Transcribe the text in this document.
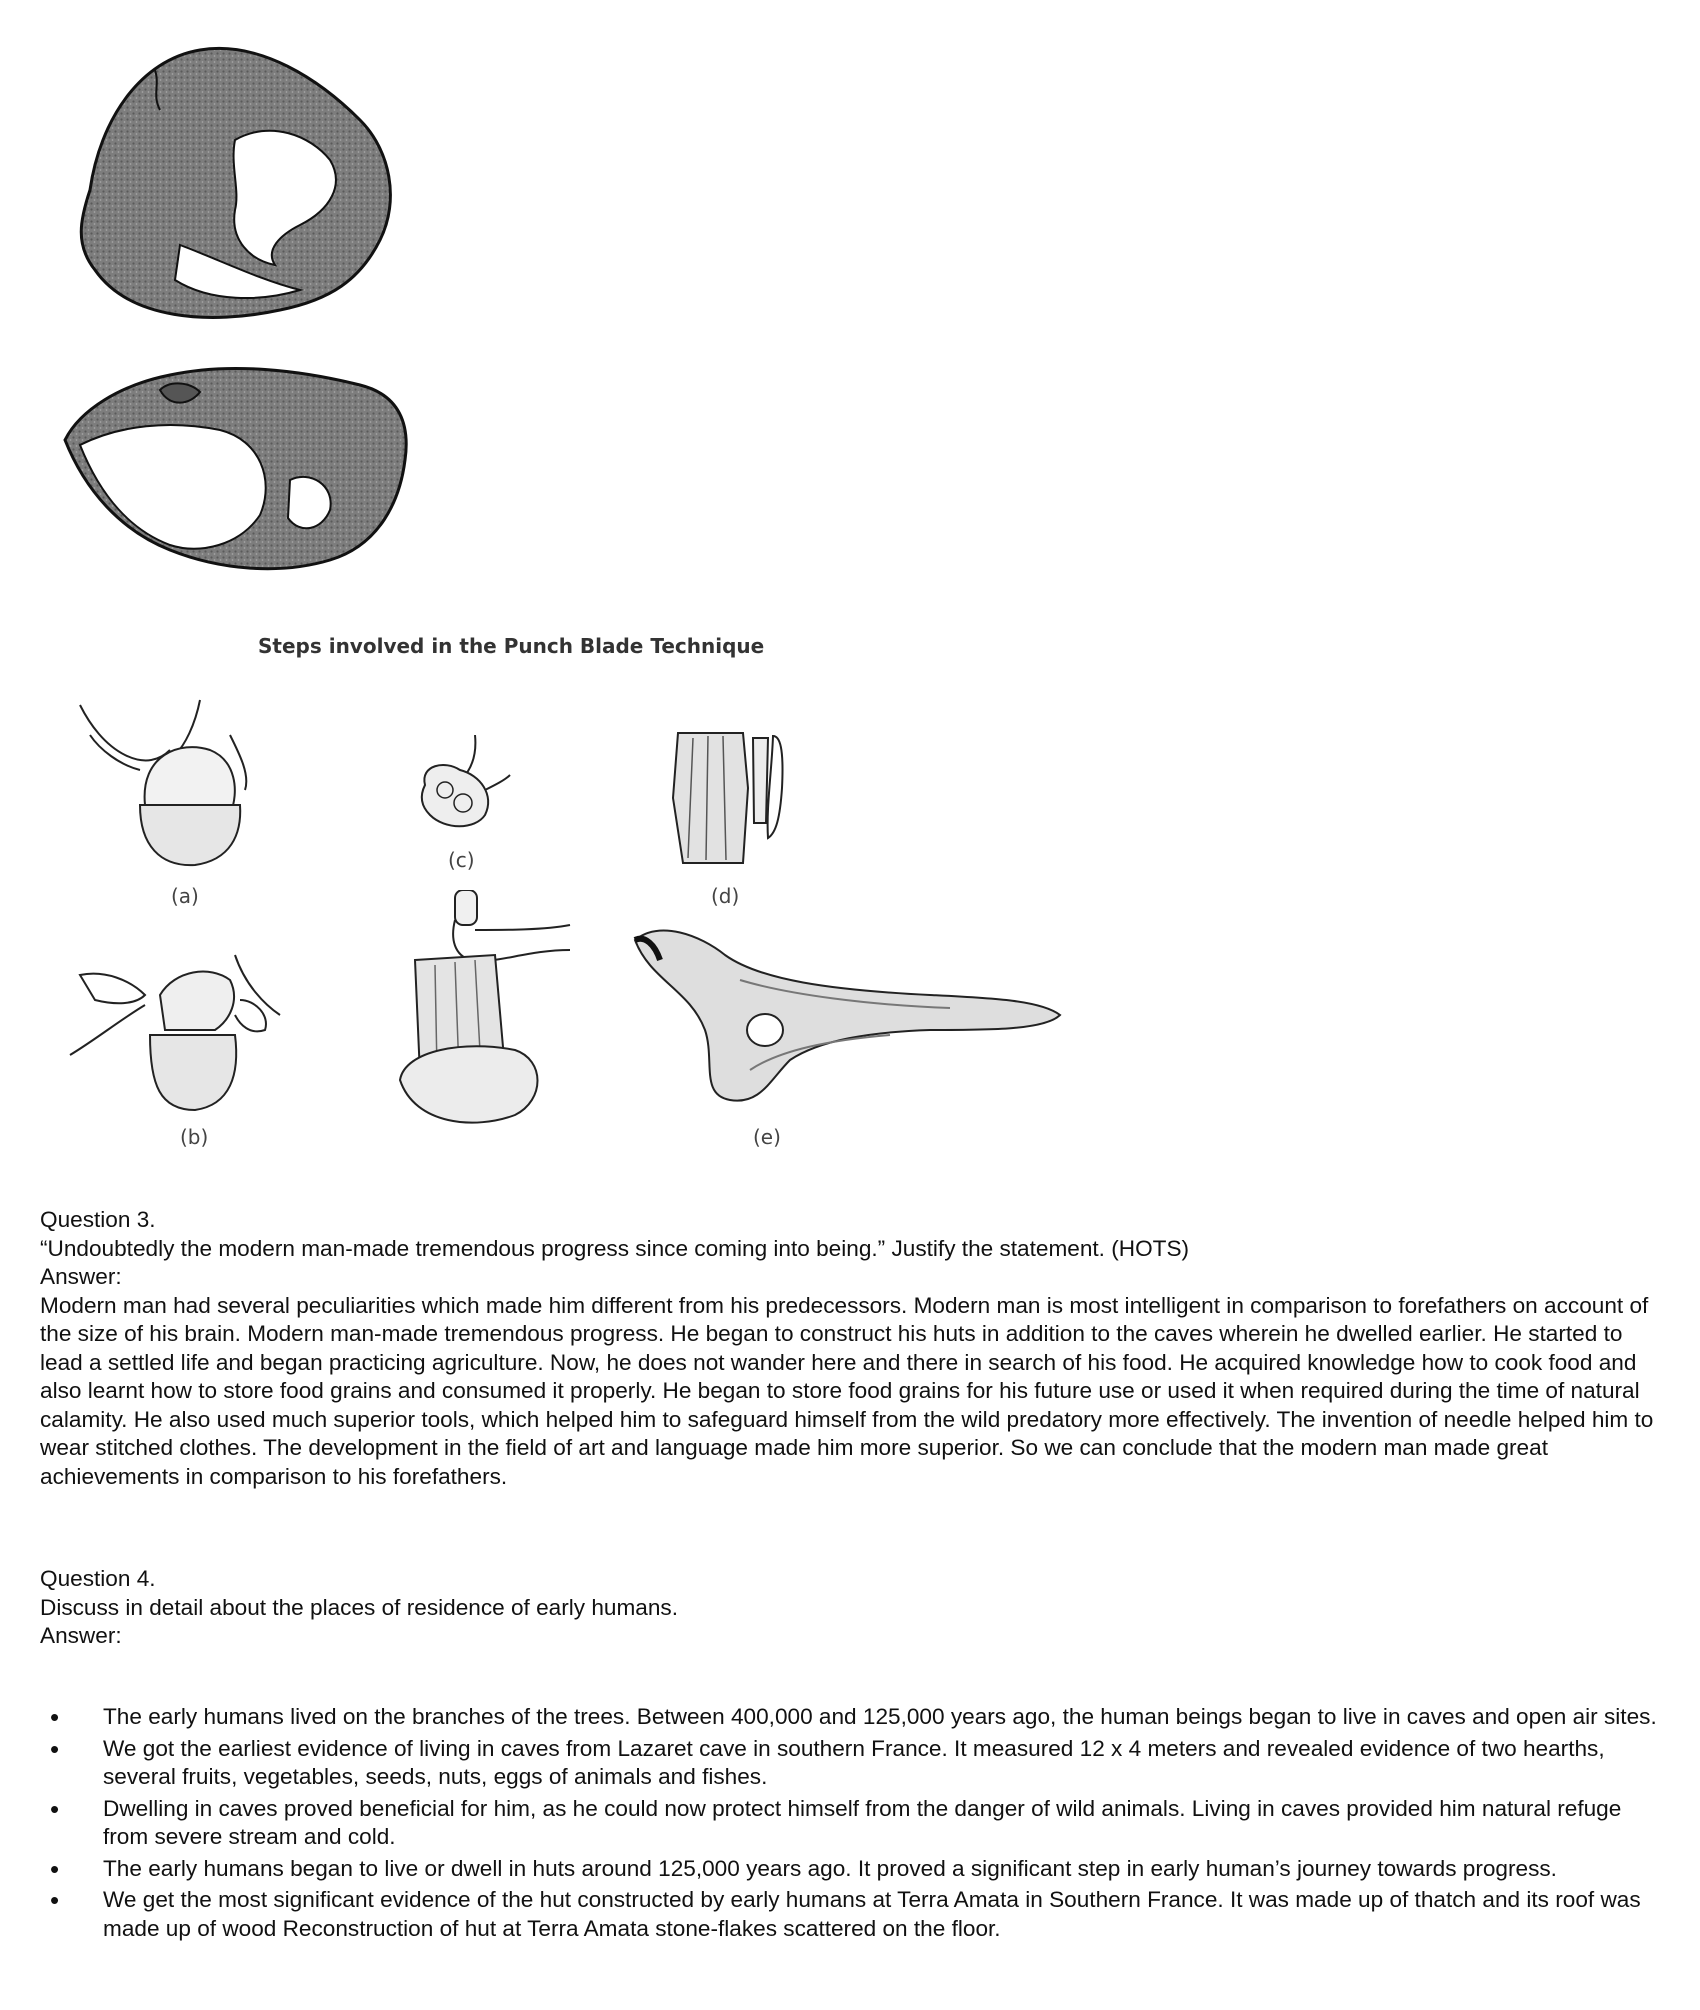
Steps involved in the Punch Blade Technique
(a)
(b)
(c)
(d)
(e)

Question 3.

“Undoubtedly the modern man-made tremendous progress since coming into being.” Justify the statement. (HOTS)

Answer:

Modern man had several peculiarities which made him different from his predecessors. Modern man is most intelligent in comparison to forefathers on account of the size of his brain. Modern man-made tremendous progress. He began to construct his huts in addition to the caves wherein he dwelled earlier. He started to lead a settled life and began practicing agriculture. Now, he does not wander here and there in search of his food. He acquired knowledge how to cook food and also learnt how to store food grains and consumed it properly. He began to store food grains for his future use or used it when required during the time of natural calamity. He also used much superior tools, which helped him to safeguard himself from the wild predatory more effectively. The invention of needle helped him to wear stitched clothes. The development in the field of art and language made him more superior. So we can conclude that the modern man made great achievements in comparison to his forefathers.

Question 4.

Discuss in detail about the places of residence of early humans.

Answer:

• The early humans lived on the branches of the trees. Between 400,000 and 125,000 years ago, the human beings began to live in caves and open air sites.
• We got the earliest evidence of living in caves from Lazaret cave in southern France. It measured 12 x 4 meters and revealed evidence of two hearths, several fruits, vegetables, seeds, nuts, eggs of animals and fishes.
• Dwelling in caves proved beneficial for him, as he could now protect himself from the danger of wild animals. Living in caves provided him natural refuge from severe stream and cold.
• The early humans began to live or dwell in huts around 125,000 years ago. It proved a significant step in early human’s journey towards progress.
• We get the most significant evidence of the hut constructed by early humans at Terra Amata in Southern France. It was made up of thatch and its roof was made up of wood Reconstruction of hut at Terra Amata stone-flakes scattered on the floor.
